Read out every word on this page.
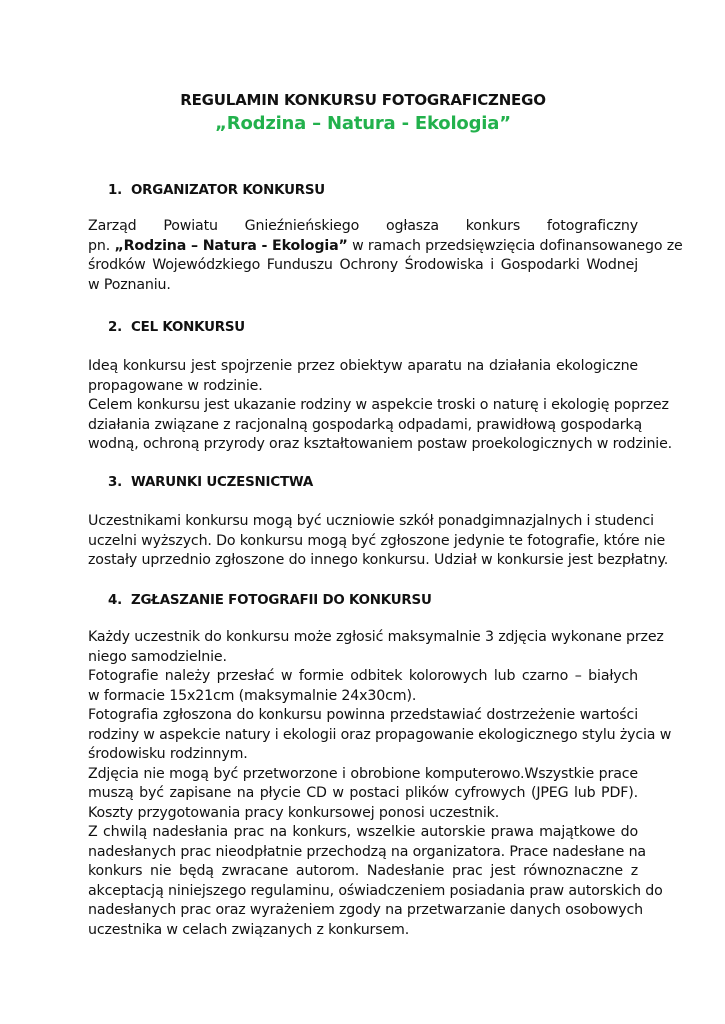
REGULAMIN KONKURSU FOTOGRAFICZNEGO
„Rodzina – Natura - Ekologia”
1. ORGANIZATOR KONKURSU
Zarząd Powiatu Gnieźnieńskiego ogłasza konkurs fotograficzny
pn. „Rodzina – Natura - Ekologia” w ramach przedsięwzięcia dofinansowanego ze
środków Wojewódzkiego Funduszu Ochrony Środowiska i Gospodarki Wodnej
w Poznaniu.
2. CEL KONKURSU
Ideą konkursu jest spojrzenie przez obiektyw aparatu na działania ekologiczne
propagowane w rodzinie.
Celem konkursu jest ukazanie rodziny w aspekcie troski o naturę i ekologię poprzez
działania związane z racjonalną gospodarką odpadami, prawidłową gospodarką
wodną, ochroną przyrody oraz kształtowaniem postaw proekologicznych w rodzinie.
3. WARUNKI UCZESNICTWA
Uczestnikami konkursu mogą być uczniowie szkół ponadgimnazjalnych i studenci
uczelni wyższych. Do konkursu mogą być zgłoszone jedynie te fotografie, które nie
zostały uprzednio zgłoszone do innego konkursu. Udział w konkursie jest bezpłatny.
4. ZGŁASZANIE FOTOGRAFII DO KONKURSU
Każdy uczestnik do konkursu może zgłosić maksymalnie 3 zdjęcia wykonane przez
niego samodzielnie.
Fotografie należy przesłać w formie odbitek kolorowych lub czarno – białych
w formacie 15x21cm (maksymalnie 24x30cm).
Fotografia zgłoszona do konkursu powinna przedstawiać dostrzeżenie wartości
rodziny w aspekcie natury i ekologii oraz propagowanie ekologicznego stylu życia w
środowisku rodzinnym.
Zdjęcia nie mogą być przetworzone i obrobione komputerowo.Wszystkie prace
muszą być zapisane na płycie CD w postaci plików cyfrowych (JPEG lub PDF).
Koszty przygotowania pracy konkursowej ponosi uczestnik.
Z chwilą nadesłania prac na konkurs, wszelkie autorskie prawa majątkowe do
nadesłanych prac nieodpłatnie przechodzą na organizatora. Prace nadesłane na
konkurs nie będą zwracane autorom. Nadesłanie prac jest równoznaczne z
akceptacją niniejszego regulaminu, oświadczeniem posiadania praw autorskich do
nadesłanych prac oraz wyrażeniem zgody na przetwarzanie danych osobowych
uczestnika w celach związanych z konkursem.
